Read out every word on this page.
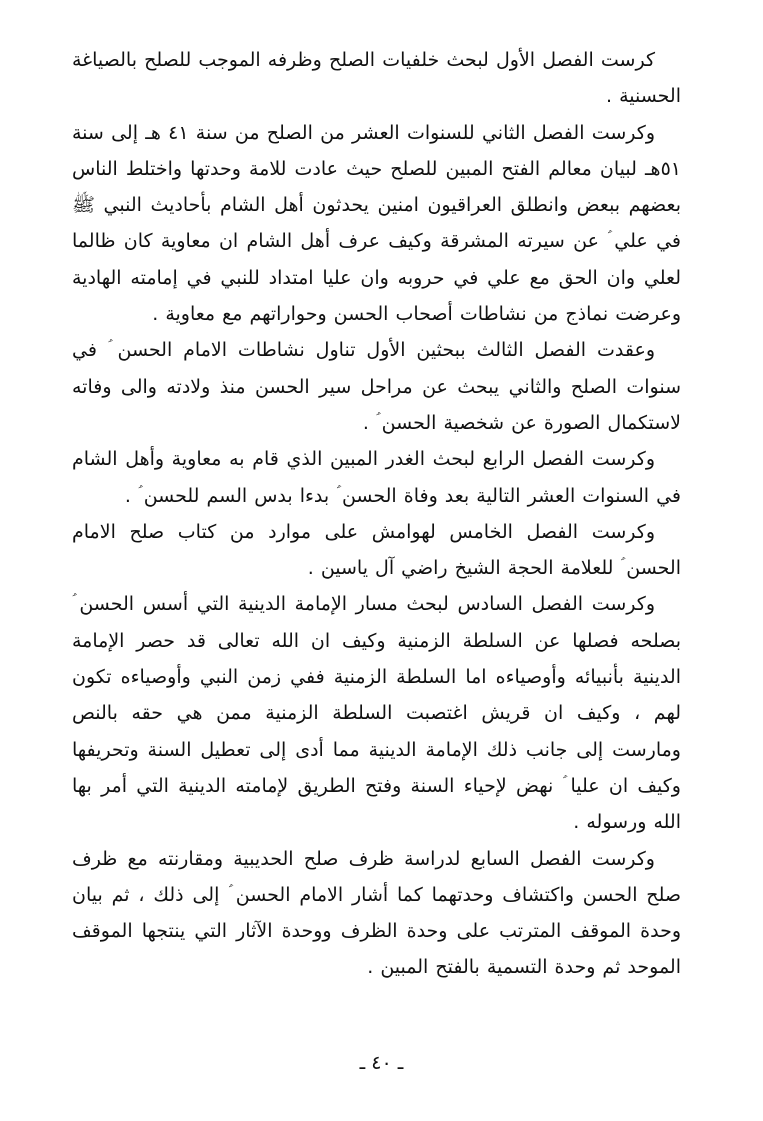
كرست الفصل الأول لبحث خلفيات الصلح وظرفه الموجب للصلح بالصياغة الحسنية .

وكرست الفصل الثاني للسنوات العشر من الصلح من سنة ٤١ هـ إلى سنة ٥١هـ لبيان معالم الفتح المبين للصلح حيث عادت للامة وحدتها واختلط الناس بعضهم ببعض وانطلق العراقيون امنين يحدثون أهل الشام بأحاديث النبي ﷺ في علي ؑ عن سيرته المشرقة وكيف عرف أهل الشام ان معاوية كان ظالما لعلي وان الحق مع علي في حروبه وان عليا امتداد للنبي في إمامته الهادية وعرضت نماذج من نشاطات أصحاب الحسن وحواراتهم مع معاوية .

وعقدت الفصل الثالث ببحثين الأول تناول نشاطات الامام الحسن ؑ في سنوات الصلح والثاني يبحث عن مراحل سير الحسن منذ ولادته والى وفاته لاستكمال الصورة عن شخصية الحسن ؑ .

وكرست الفصل الرابع لبحث الغدر المبين الذي قام به معاوية وأهل الشام في السنوات العشر التالية بعد وفاة الحسن ؑ بدءا بدس السم للحسن ؑ .

وكرست الفصل الخامس لهوامش على موارد من كتاب صلح الامام الحسن ؑ للعلامة الحجة الشيخ راضي آل ياسين .

وكرست الفصل السادس لبحث مسار الإمامة الدينية التي أسس الحسن ؑ بصلحه فصلها عن السلطة الزمنية وكيف ان الله تعالى قد حصر الإمامة الدينية بأنبيائه وأوصياءه اما السلطة الزمنية ففي زمن النبي وأوصياءه تكون لهم ، وكيف ان قريش اغتصبت السلطة الزمنية ممن هي حقه بالنص ومارست إلى جانب ذلك الإمامة الدينية مما أدى إلى تعطيل السنة وتحريفها وكيف ان عليا ؑ نهض لإحياء السنة وفتح الطريق لإمامته الدينية التي أمر بها الله ورسوله .

وكرست الفصل السابع لدراسة ظرف صلح الحديبية ومقارنته مع ظرف صلح الحسن واكتشاف وحدتهما كما أشار الامام الحسن ؑ إلى ذلك ، ثم بيان وحدة الموقف المترتب على وحدة الظرف ووحدة الآثار التي ينتجها الموقف الموحد ثم وحدة التسمية بالفتح المبين .

ـ ٤٠ ـ
